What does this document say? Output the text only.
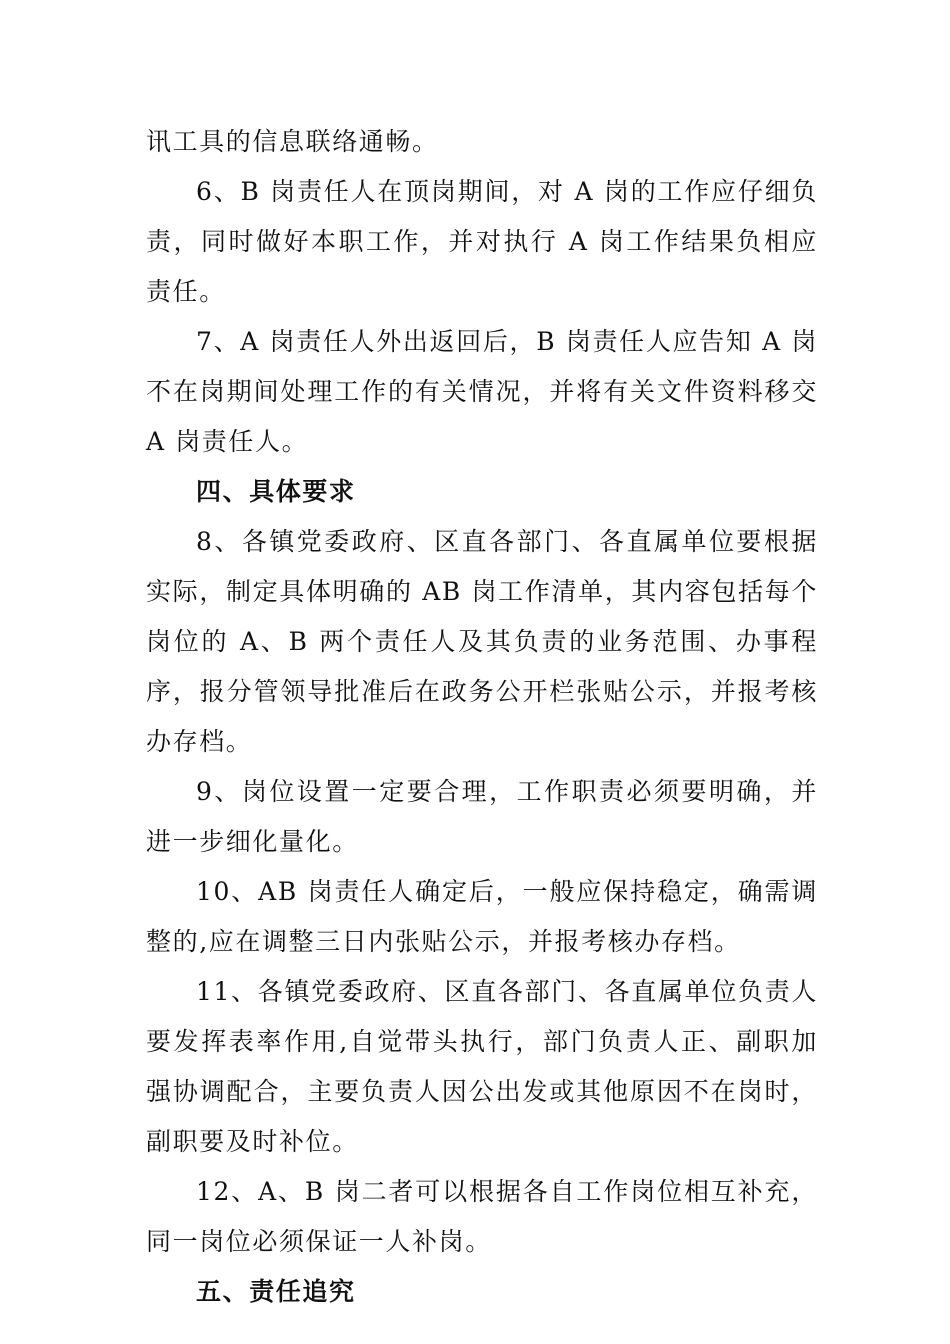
讯工具的信息联络通畅。

6、B 岗责任人在顶岗期间，对 A 岗的工作应仔细负责，同时做好本职工作，并对执行 A 岗工作结果负相应责任。

7、A 岗责任人外出返回后，B 岗责任人应告知 A 岗不在岗期间处理工作的有关情况，并将有关文件资料移交 A 岗责任人。

四、具体要求

8、各镇党委政府、区直各部门、各直属单位要根据实际，制定具体明确的 AB 岗工作清单，其内容包括每个岗位的 A、B 两个责任人及其负责的业务范围、办事程序，报分管领导批准后在政务公开栏张贴公示，并报考核办存档。

9、岗位设置一定要合理，工作职责必须要明确，并进一步细化量化。

10、AB 岗责任人确定后，一般应保持稳定，确需调整的,应在调整三日内张贴公示，并报考核办存档。

11、各镇党委政府、区直各部门、各直属单位负责人要发挥表率作用,自觉带头执行，部门负责人正、副职加强协调配合，主要负责人因公出发或其他原因不在岗时，副职要及时补位。

12、A、B 岗二者可以根据各自工作岗位相互补充，同一岗位必须保证一人补岗。

五、责任追究
